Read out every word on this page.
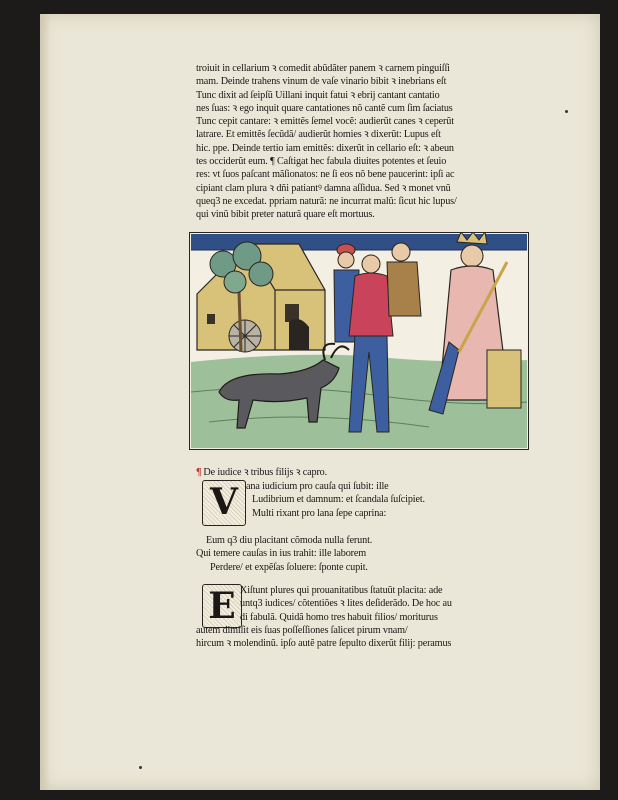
troiuit in cellarium ꝛ comedit abũdãter panem ꝛ carnem pinguiſſi
mam. Deinde trahens vinum de vaſe vinario bibit ꝛ inebrians eſt
Tunc dixit ad ſeipſũ Uillani inquit fatui ꝛ ebrij cantant cantatio
nes ſuas: ꝛ ego inquit quare cantationes nõ cantẽ cum ſim ſaciatus
Tunc cepit cantare: ꝛ emittẽs ſemel vocẽ: audierũt canes ꝛ ceperũt
latrare. Et emittẽs ſecũdã/ audierũt homies ꝛ dixerũt: Lupus eſt
hic. ppe. Deinde tertio iam emittẽs: dixerũt in cellario eſt: ꝛ abeun
tes occiderũt eum. ¶ Caſtigat hec fabula diuites potentes et ſeuio
res: vt ſuos paſcant mãſionatos: ne ſi eos nõ bene paucerint: ipſi ac
cipiant clam plura ꝛ dñi patiantꝰ damna aſſidua. Sed ꝛ monet vnũ
queq3 ne excedat. ppriam naturã: ne incurrat malũ: ſicut hic lupus/
qui vinũ bibit preter naturã quare eſt mortuus.
¶ De iudice ꝛ tribus filijs ꝛ capro.
V ana iudicium pro cauſa qui ſubit: ille
Ludibrium et damnum: et ſcandala ſuſcipiet.
Multi rixant pro lana ſepe caprina:
Eum q3 diu placitant cõmoda nulla ferunt.
Qui temere cauſas in ius trahit: ille laborem
Perdere/ et expẽſas ſoluere: ſponte cupit.
E Xiſtunt plures qui prouanitatibus ſtatuũt placita: ade
untq3 iudices/ cõtentiões ꝛ lites deſiderãdo. De hoc au
di fabulã. Quidã homo tres habuit filios/ moriturus
autem dimiſit eis ſuas poſſeſſiones ſalicet pirum vnam/
hircum ꝛ molendinũ. ipſo autẽ patre ſepulto dixerũt filij: peramus
